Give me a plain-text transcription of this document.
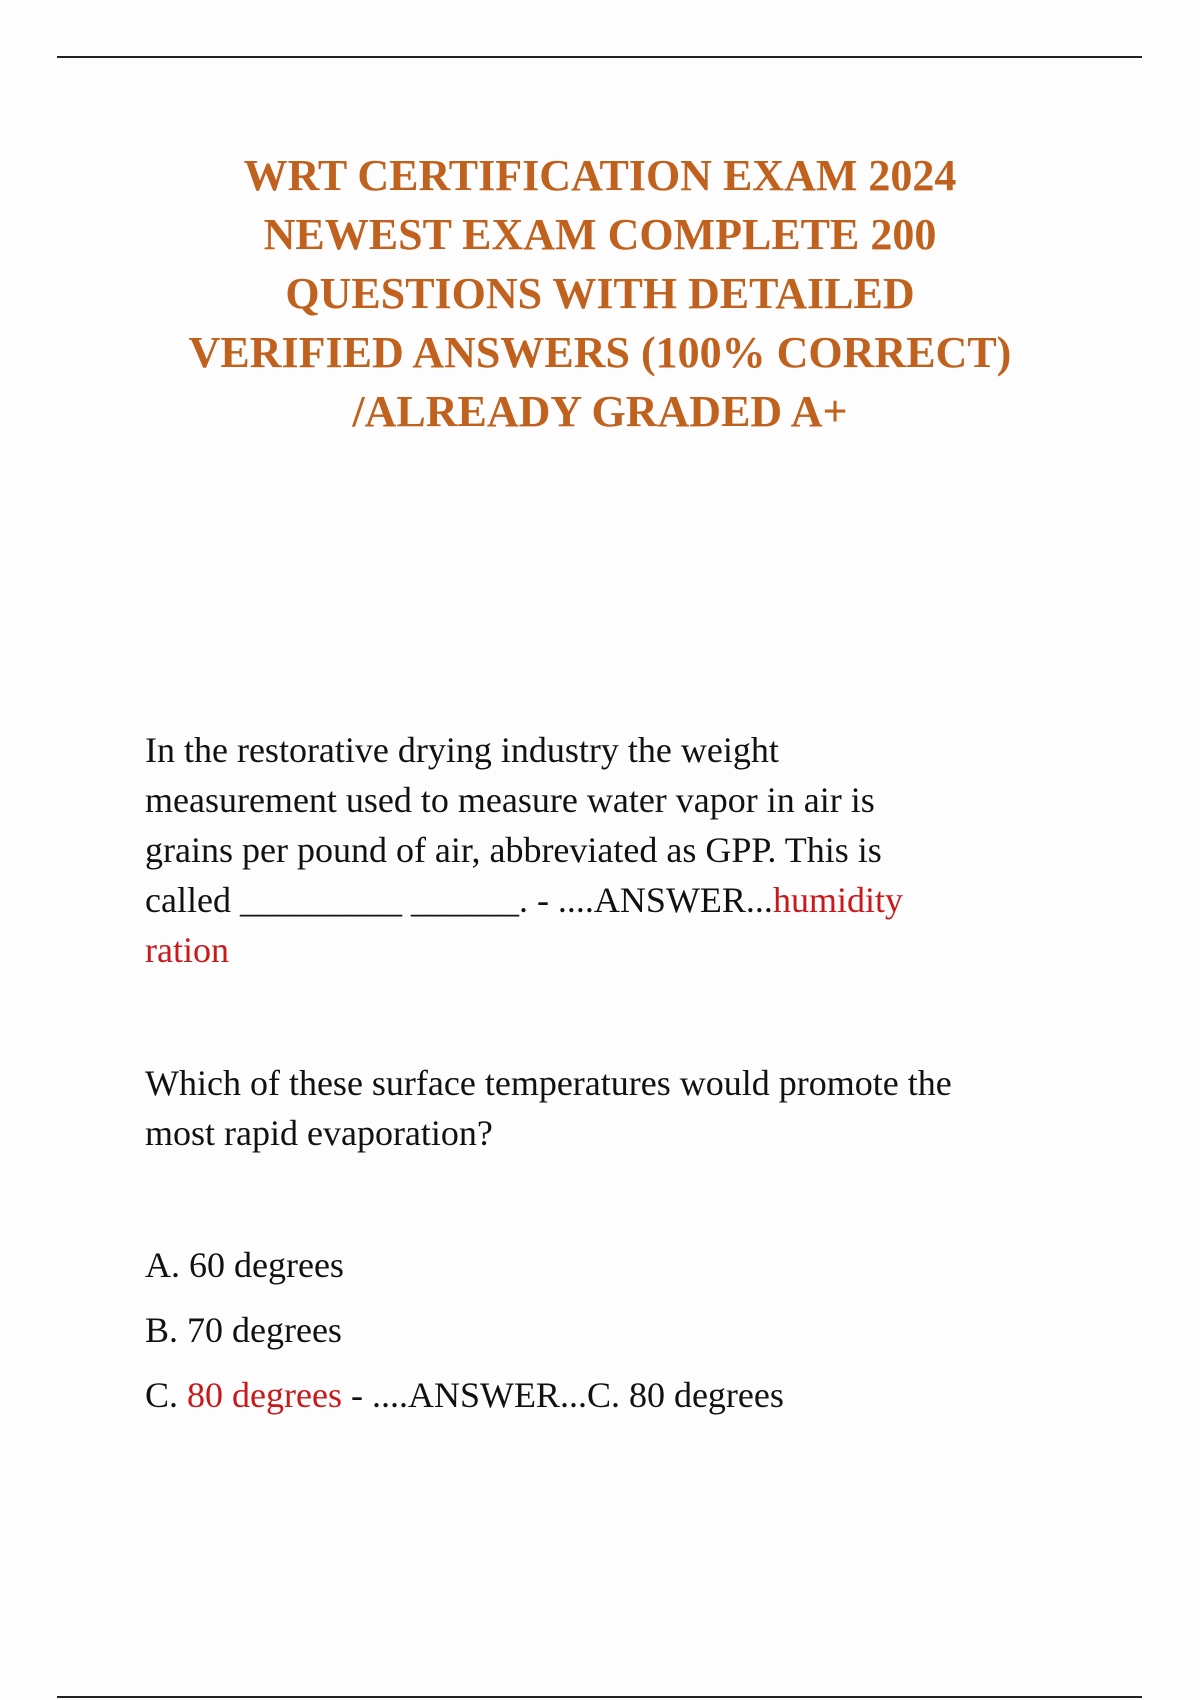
WRT CERTIFICATION EXAM 2024
NEWEST EXAM COMPLETE 200
QUESTIONS WITH DETAILED
VERIFIED ANSWERS (100% CORRECT)
/ALREADY GRADED A+

In the restorative drying industry the weight
measurement used to measure water vapor in air is
grains per pound of air, abbreviated as GPP. This is
called _________ ______. - ....ANSWER...humidity
ration

Which of these surface temperatures would promote the
most rapid evaporation?

A. 60 degrees

B. 70 degrees

C. 80 degrees - ....ANSWER...C. 80 degrees
